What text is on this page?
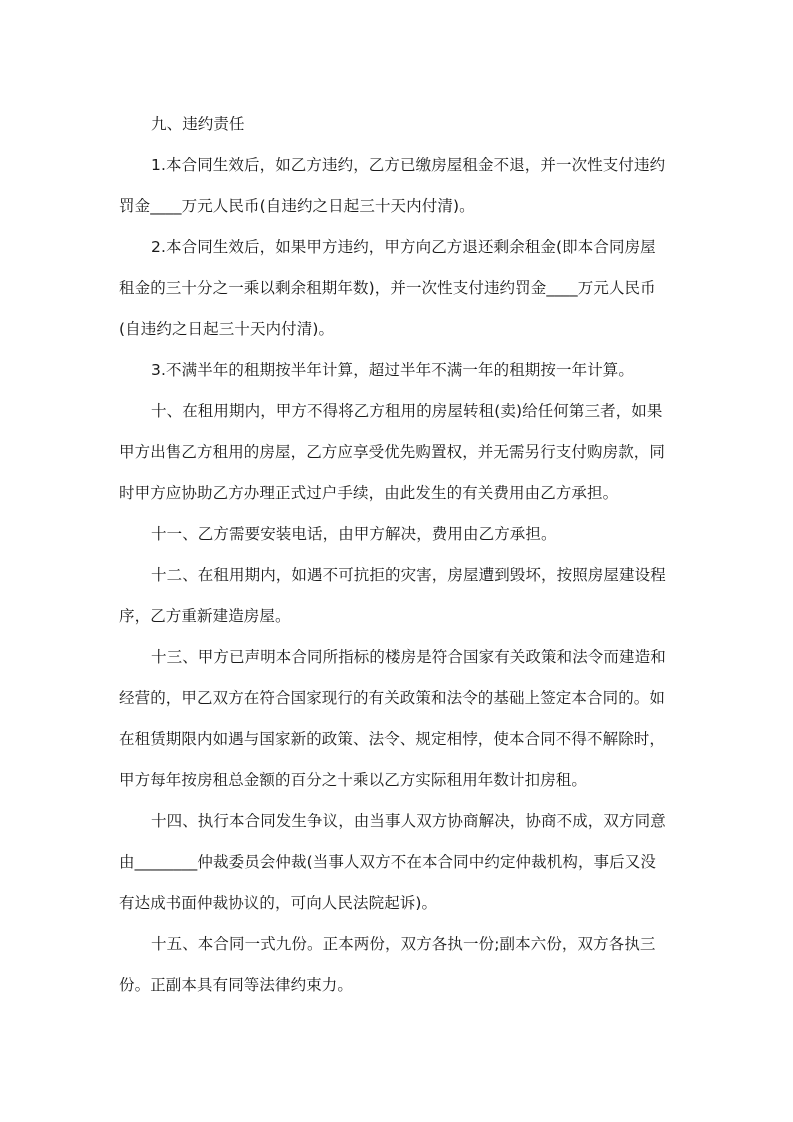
九、违约责任

1.本合同生效后，如乙方违约，乙方已缴房屋租金不退，并一次性支付违约
罚金____万元人民币(自违约之日起三十天内付清)。

2.本合同生效后，如果甲方违约，甲方向乙方退还剩余租金(即本合同房屋
租金的三十分之一乘以剩余租期年数)，并一次性支付违约罚金____万元人民币
(自违约之日起三十天内付清)。

3.不满半年的租期按半年计算，超过半年不满一年的租期按一年计算。

十、在租用期内，甲方不得将乙方租用的房屋转租(卖)给任何第三者，如果
甲方出售乙方租用的房屋，乙方应享受优先购置权，并无需另行支付购房款，同
时甲方应协助乙方办理正式过户手续，由此发生的有关费用由乙方承担。

十一、乙方需要安装电话，由甲方解决，费用由乙方承担。

十二、在租用期内，如遇不可抗拒的灾害，房屋遭到毁坏，按照房屋建设程
序，乙方重新建造房屋。

十三、甲方已声明本合同所指标的楼房是符合国家有关政策和法令而建造和
经营的，甲乙双方在符合国家现行的有关政策和法令的基础上签定本合同的。如
在租赁期限内如遇与国家新的政策、法令、规定相悖，使本合同不得不解除时，
甲方每年按房租总金额的百分之十乘以乙方实际租用年数计扣房租。

十四、执行本合同发生争议，由当事人双方协商解决，协商不成，双方同意
由________仲裁委员会仲裁(当事人双方不在本合同中约定仲裁机构，事后又没
有达成书面仲裁协议的，可向人民法院起诉)。

十五、本合同一式九份。正本两份，双方各执一份;副本六份，双方各执三
份。正副本具有同等法律约束力。
